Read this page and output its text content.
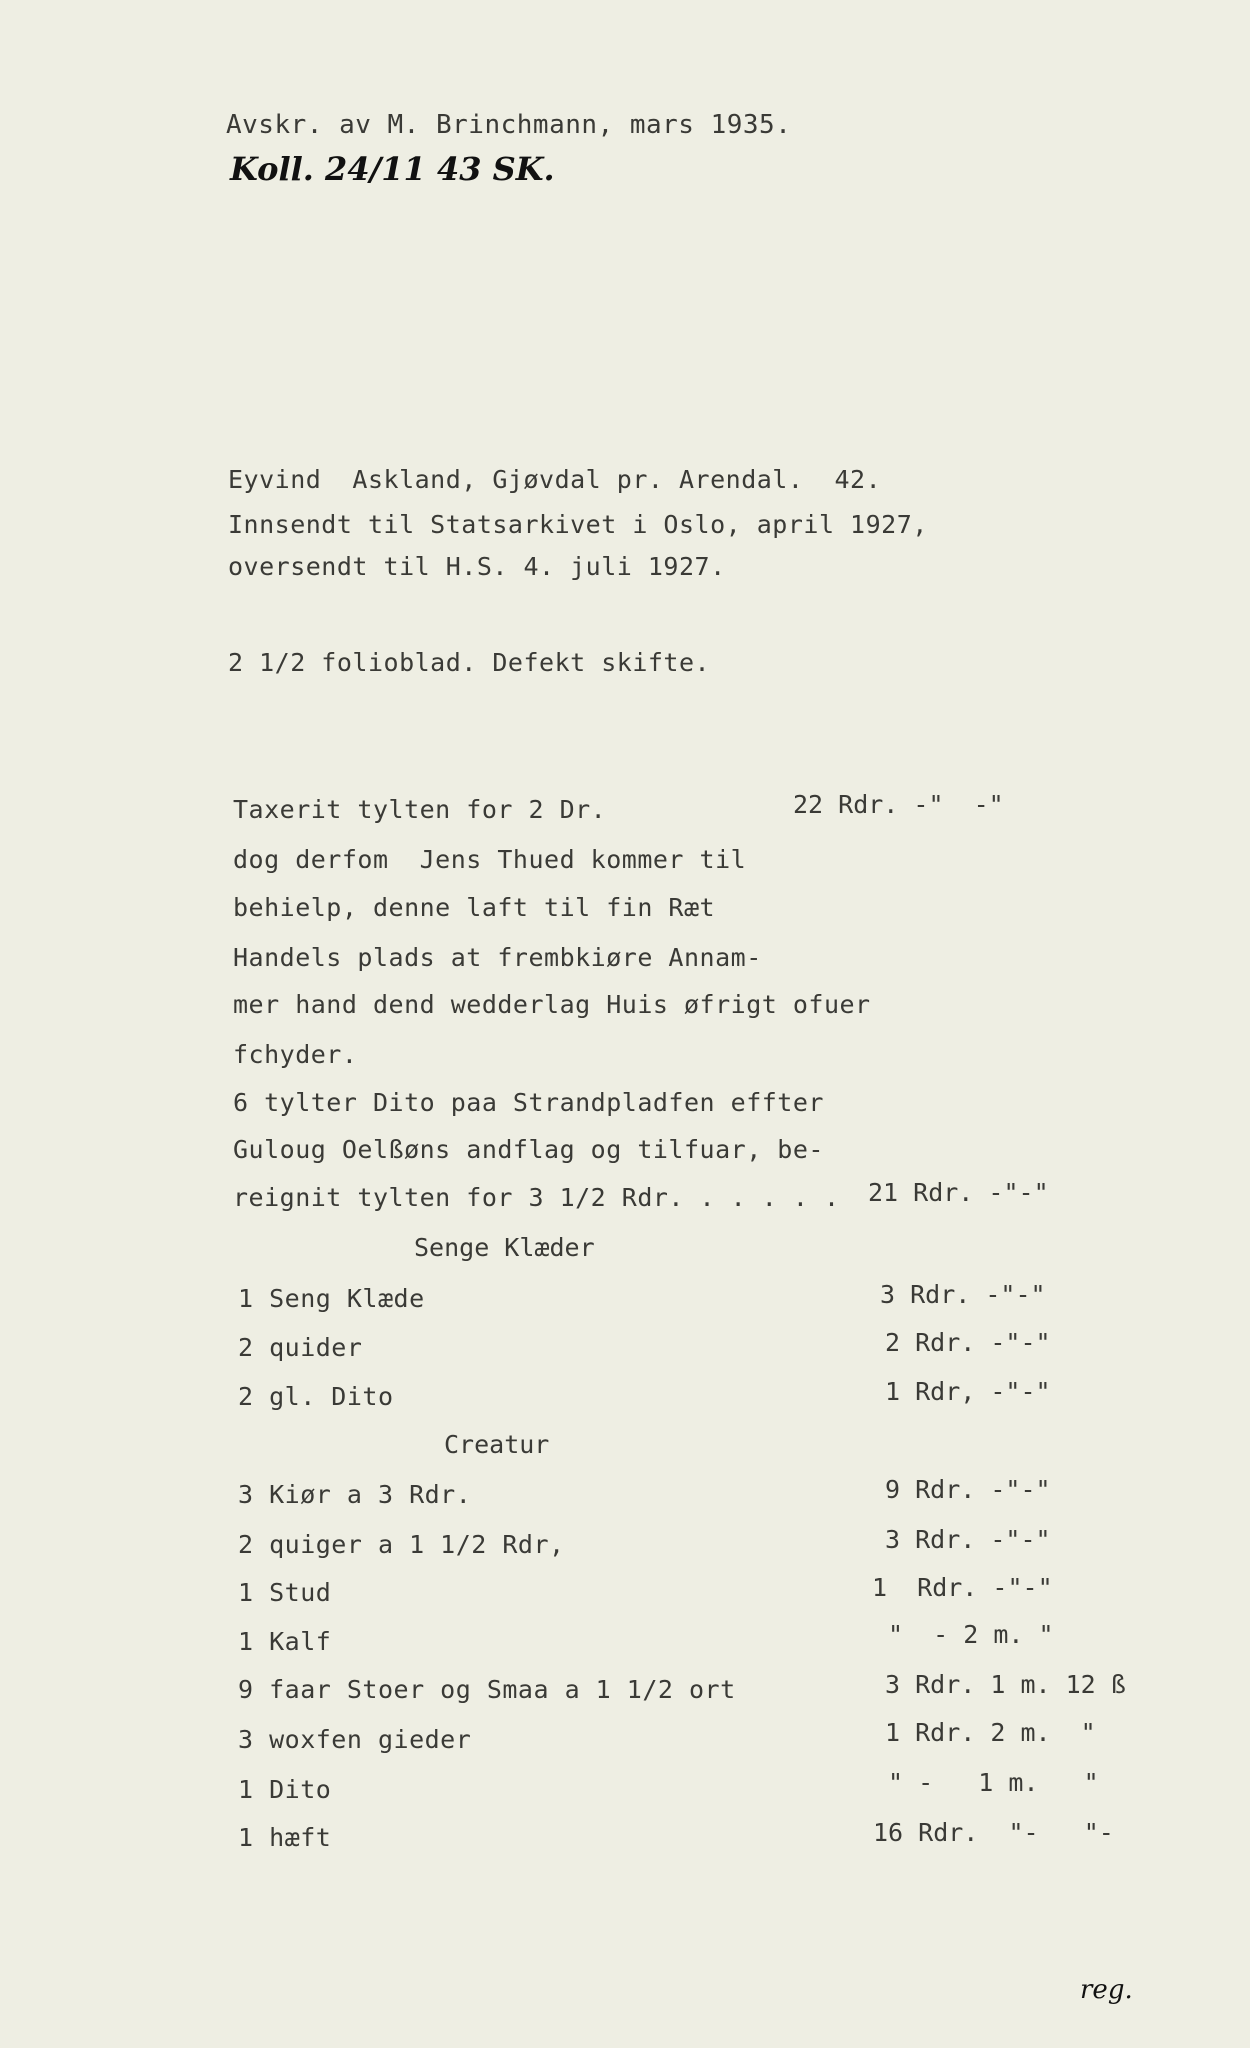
Avskr. av M. Brinchmann, mars 1935.
Koll. 24/11 43 SK.
Eyvind  Askland, Gjøvdal pr. Arendal.  42.
Innsendt til Statsarkivet i Oslo, april 1927,
oversendt til H.S. 4. juli 1927.
2 1/2 folioblad. Defekt skifte.
Taxerit tylten for 2 Dr.	22 Rdr. -"  -"
dog derfom  Jens Thued kommer til
behielp, denne laft til fin Ræt
Handels plads at frembkiøre Annam-
mer hand dend wedderlag Huis øfrigt ofuer
fchyder.
6 tylter Dito paa Strandpladfen effter
Guloug Oelßøns andflag og tilfuar, be-
reignit tylten for 3 1/2 Rdr. . . . . . 21 Rdr. -"-"
Senge Klæder
1 Seng Klæde	3 Rdr. -"-"
2 quider	2 Rdr. -"-"
2 gl. Dito	1 Rdr, -"-"
Creatur
3 Kiør a 3 Rdr.	9 Rdr. -"-"
2 quiger a 1 1/2 Rdr,	3 Rdr. -"-"
1 Stud	1  Rdr. -"-"
1 Kalf	"  - 2 m. "
9 faar Stoer og Smaa a 1 1/2 ort	3 Rdr. 1 m. 12 ß
3 woxfen gieder	1 Rdr. 2 m.  "
1 Dito	" -   1 m.   "
1 hæft	16 Rdr.  "-   "-
reg.
